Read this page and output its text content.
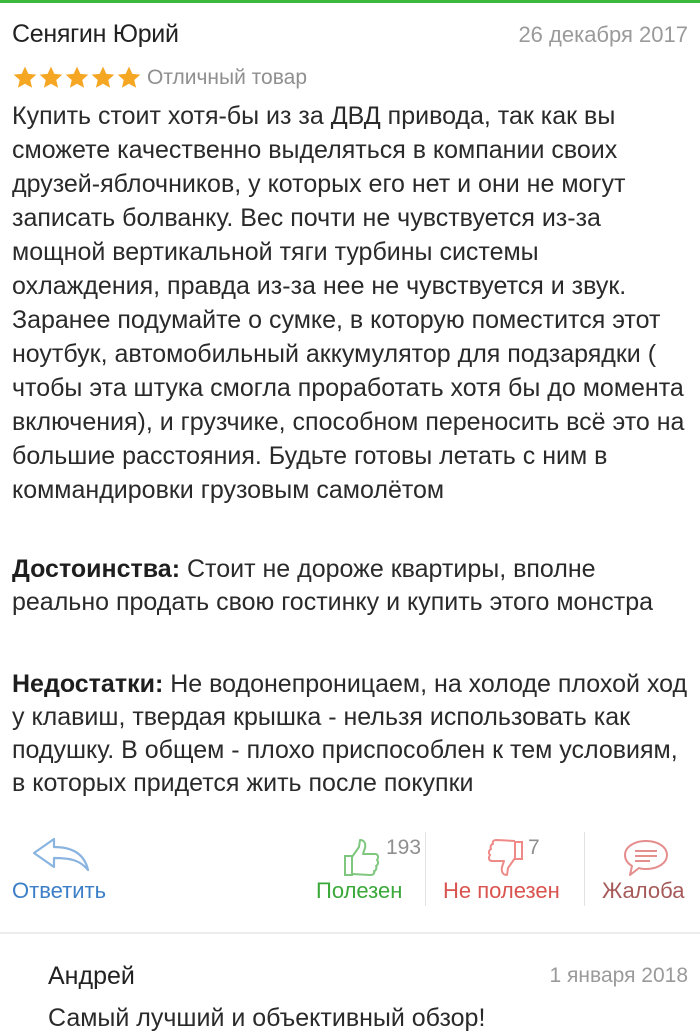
Сенягин Юрий	26 декабря 2017
Отличный товар

Купить стоит хотя-бы из за ДВД привода, так как вы сможете качественно выделяться в компании своих друзей-яблочников, у которых его нет и они не могут записать болванку. Вес почти не чувствуется из-за мощной вертикальной тяги турбины системы охлаждения, правда из-за нее не чувствуется и звук. Заранее подумайте о сумке, в которую поместится этот ноутбук, автомобильный аккумулятор для подзарядки ( чтобы эта штука смогла проработать хотя бы до момента включения), и грузчике, способном переносить всё это на большие расстояния. Будьте готовы летать с ним в коммандировки грузовым самолётом

Достоинства: Стоит не дороже квартиры, вполне реально продать свою гостинку и купить этого монстра

Недостатки: Не водонепроницаем, на холоде плохой ход у клавиш, твердая крышка - нельзя использовать как подушку. В общем - плохо приспособлен к тем условиям, в которых придется жить после покупки

Ответить
193
Полезен
7
Не полезен Жалоба
Андрей	1 января 2018
Самый лучший и объективный обзор!
